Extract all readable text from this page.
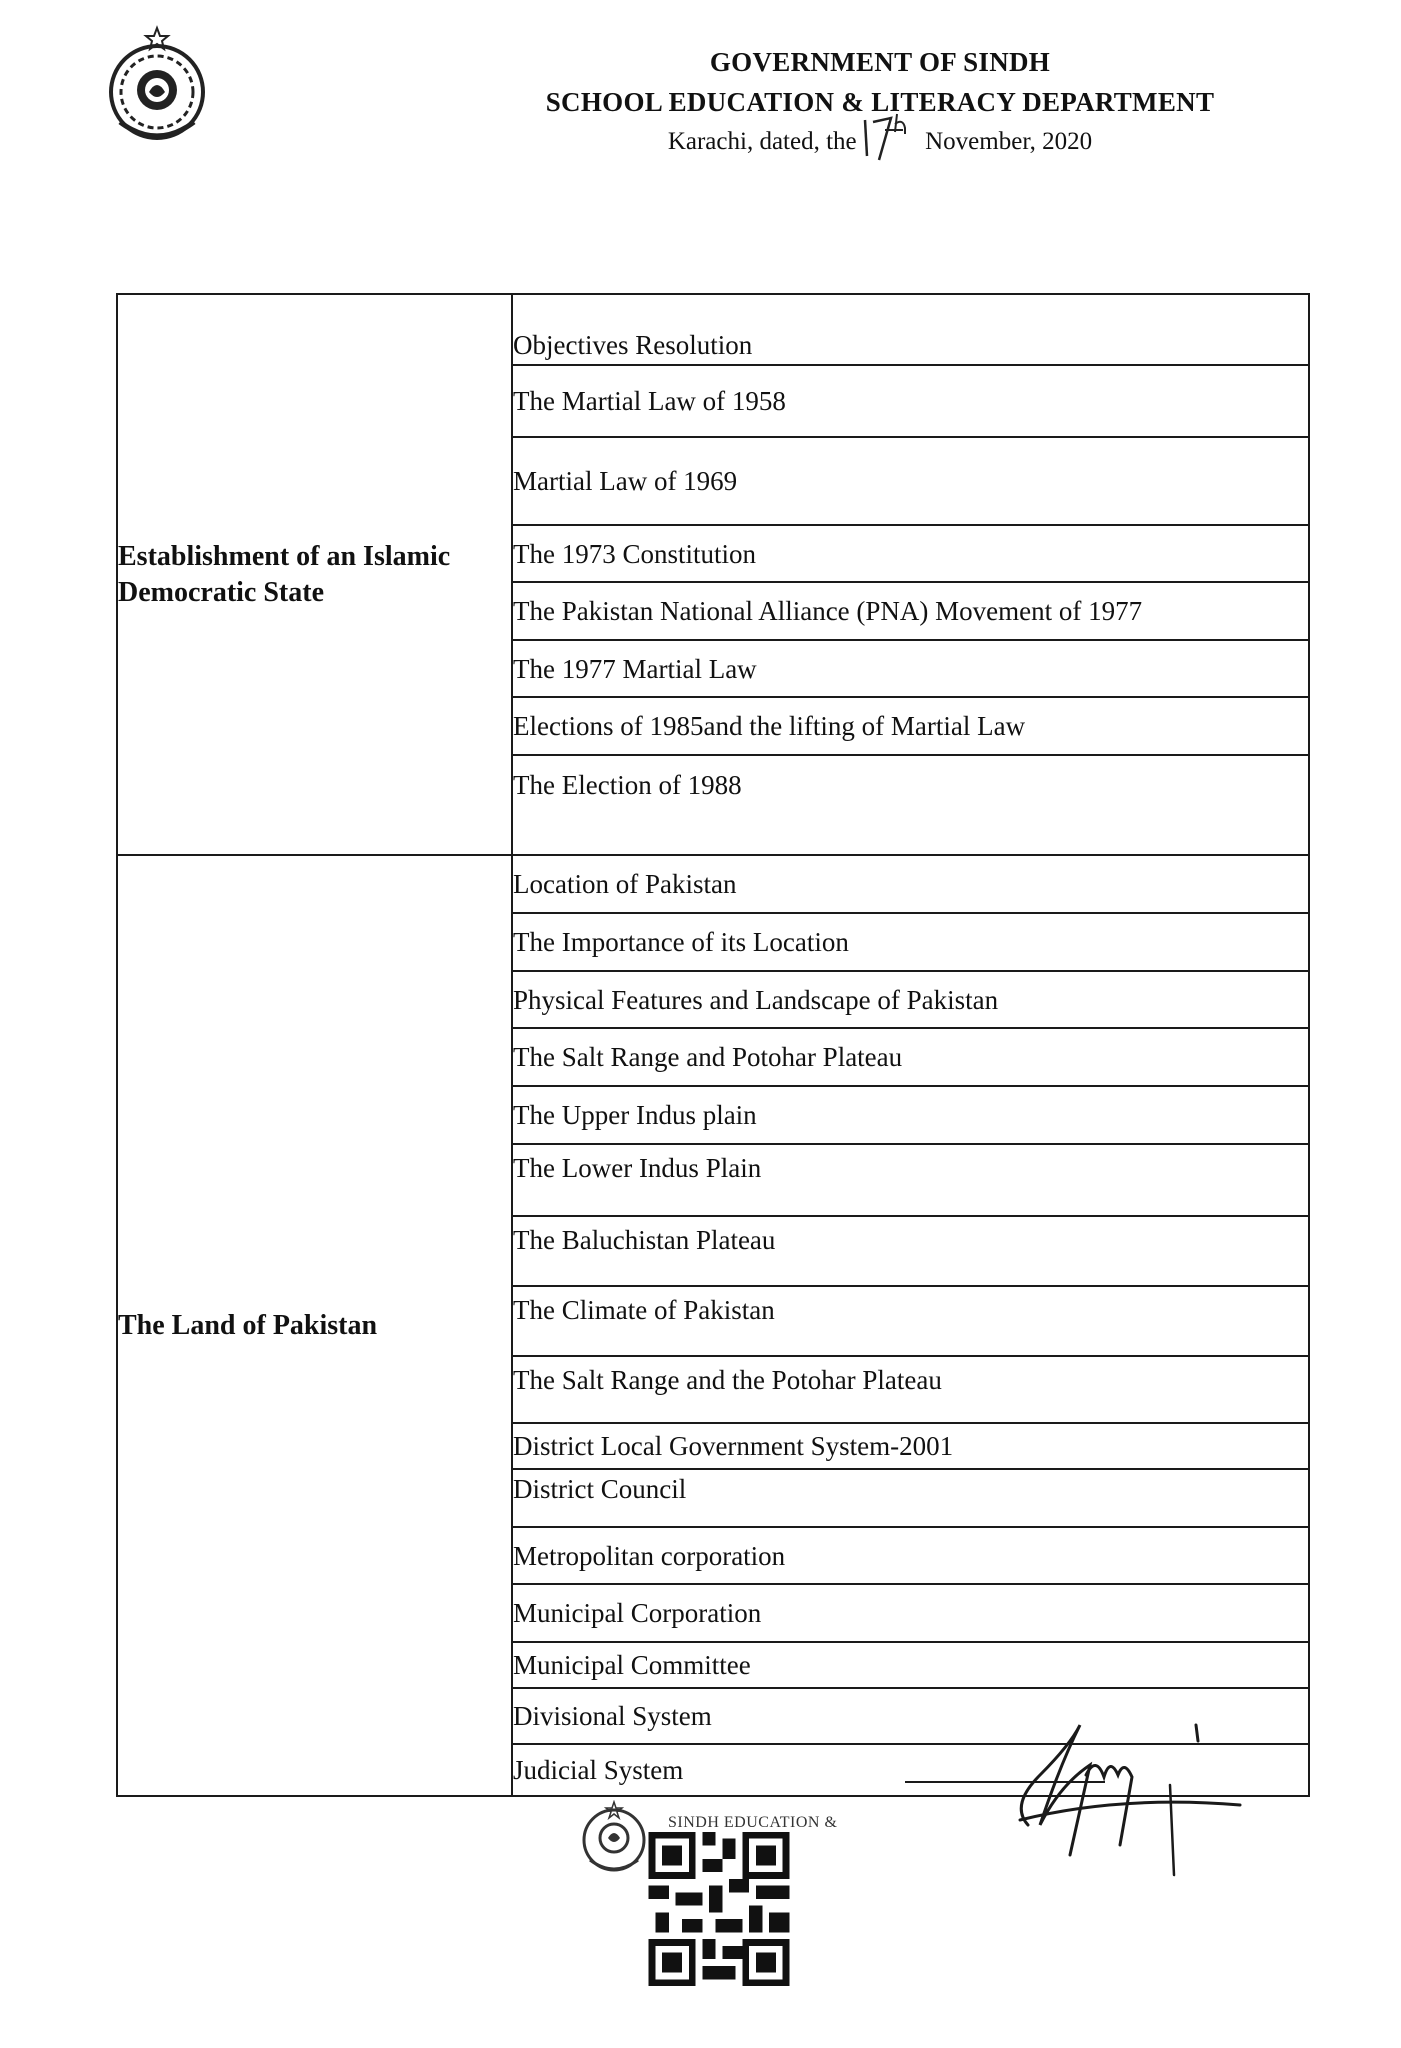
GOVERNMENT OF SINDH
SCHOOL EDUCATION & LITERACY DEPARTMENT
Karachi, dated, the	November, 2020
Establishment of an Islamic
Democratic State	Objectives Resolution
	The Martial Law of 1958
	Martial Law of 1969
	The 1973 Constitution
	The Pakistan National Alliance (PNA) Movement of 1977
	The 1977 Martial Law
	Elections of 1985and the lifting of Martial Law
	The Election of 1988

The Land of Pakistan	Location of Pakistan
	The Importance of its Location
	Physical Features and Landscape of Pakistan
	The Salt Range and Potohar Plateau
	The Upper Indus plain
	The Lower Indus Plain
	The Baluchistan Plateau
	The Climate of Pakistan
	The Salt Range and the Potohar Plateau
	District Local Government System-2001
	District Council
	Metropolitan corporation
	Municipal Corporation
	Municipal Committee
	Divisional System
	Judicial System
SINDH EDUCATION &
